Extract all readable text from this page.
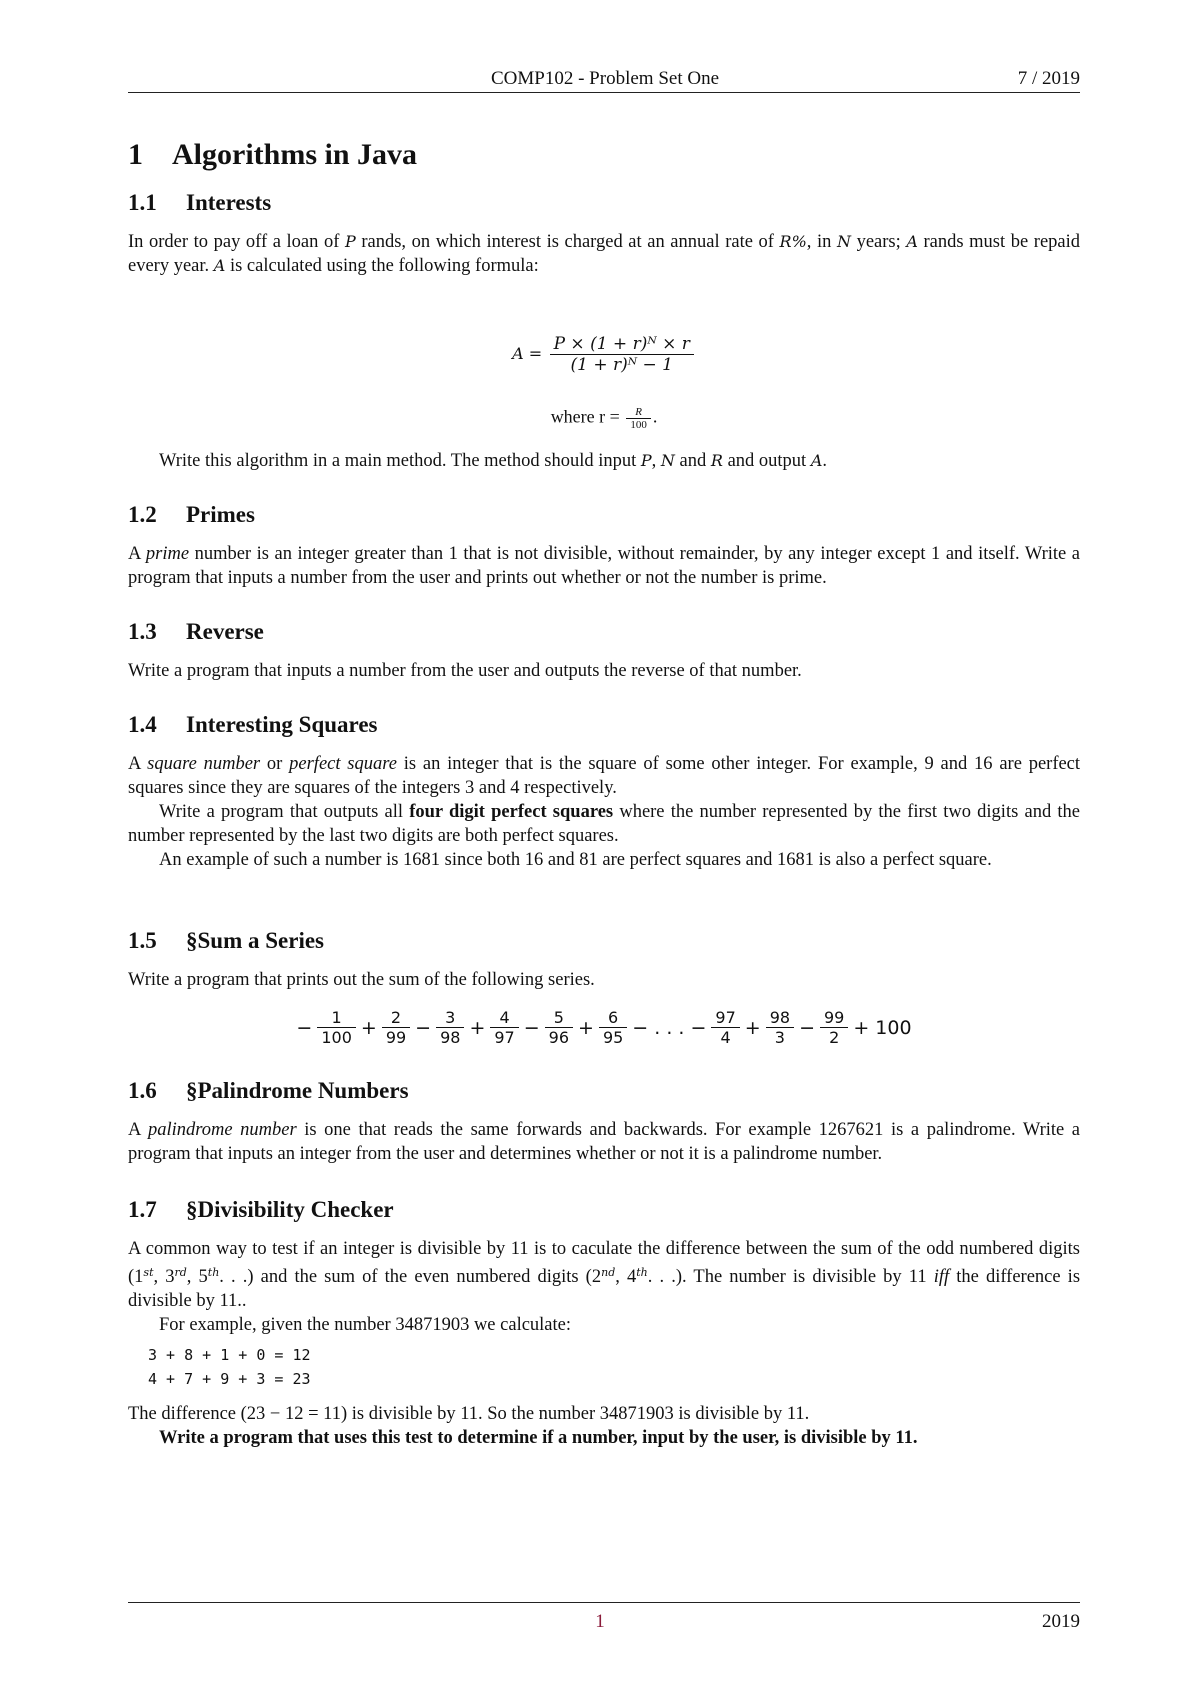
COMP102 - Problem Set One	7 / 2019
1 Algorithms in Java
1.1 Interests

In order to pay off a loan of P rands, on which interest is charged at an annual rate of R%, in N years; A rands must be repaid every year. A is calculated using the following formula:

$A = \frac{\text{P × (1 + r)ᴺ × r}}{\text{(1 + r)ᴺ − 1}}$
where $r = \frac{R}{100}$ .

Write this algorithm in a main method. The method should input P, N and R and output A.

1.2 Primes

A prime number is an integer greater than 1 that is not divisible, without remainder, by any integer except 1 and itself. Write a program that inputs a number from the user and prints out whether or not the number is prime.

1.3 Reverse

Write a program that inputs a number from the user and outputs the reverse of that number.

1.4 Interesting Squares

A square number or perfect square is an integer that is the square of some other integer. For example, 9 and 16 are perfect squares since they are squares of the integers 3 and 4 respectively.

Write a program that outputs all four digit perfect squares where the number represented by the first two digits and the number represented by the last two digits are both perfect squares.

An example of such a number is 1681 since both 16 and 81 are perfect squares and 1681 is also a perfect square.

1.5 §Sum a Series

Write a program that prints out the sum of the following series.

− $\frac{1}{100} + \frac{2}{99} - \frac{3}{98} + \frac{4}{97} - \frac{5}{96} + \frac{6}{95}$ − . . . − $\frac{97}{4} + \frac{98}{3} - \frac{99}{2} + 100$
1.6 §Palindrome Numbers

A palindrome number is one that reads the same forwards and backwards. For example 1267621 is a palindrome. Write a program that inputs an integer from the user and determines whether or not it is a palindrome number.

1.7 §Divisibility Checker

A common way to test if an integer is divisible by 11 is to caculate the difference between the sum of the odd numbered digits (1st, 3rd, 5th. . .) and the sum of the even numbered digits (2nd, 4th. . .). The number is divisible by 11 iff the difference is divisible by 11..

For example, given the number 34871903 we calculate:

3 + 8 + 1 + 0 = 12
4 + 7 + 9 + 3 = 23

The difference (23 − 12 = 11) is divisible by 11. So the number 34871903 is divisible by 11.

Write a program that uses this test to determine if a number, input by the user, is divisible by 11.

1	2019
